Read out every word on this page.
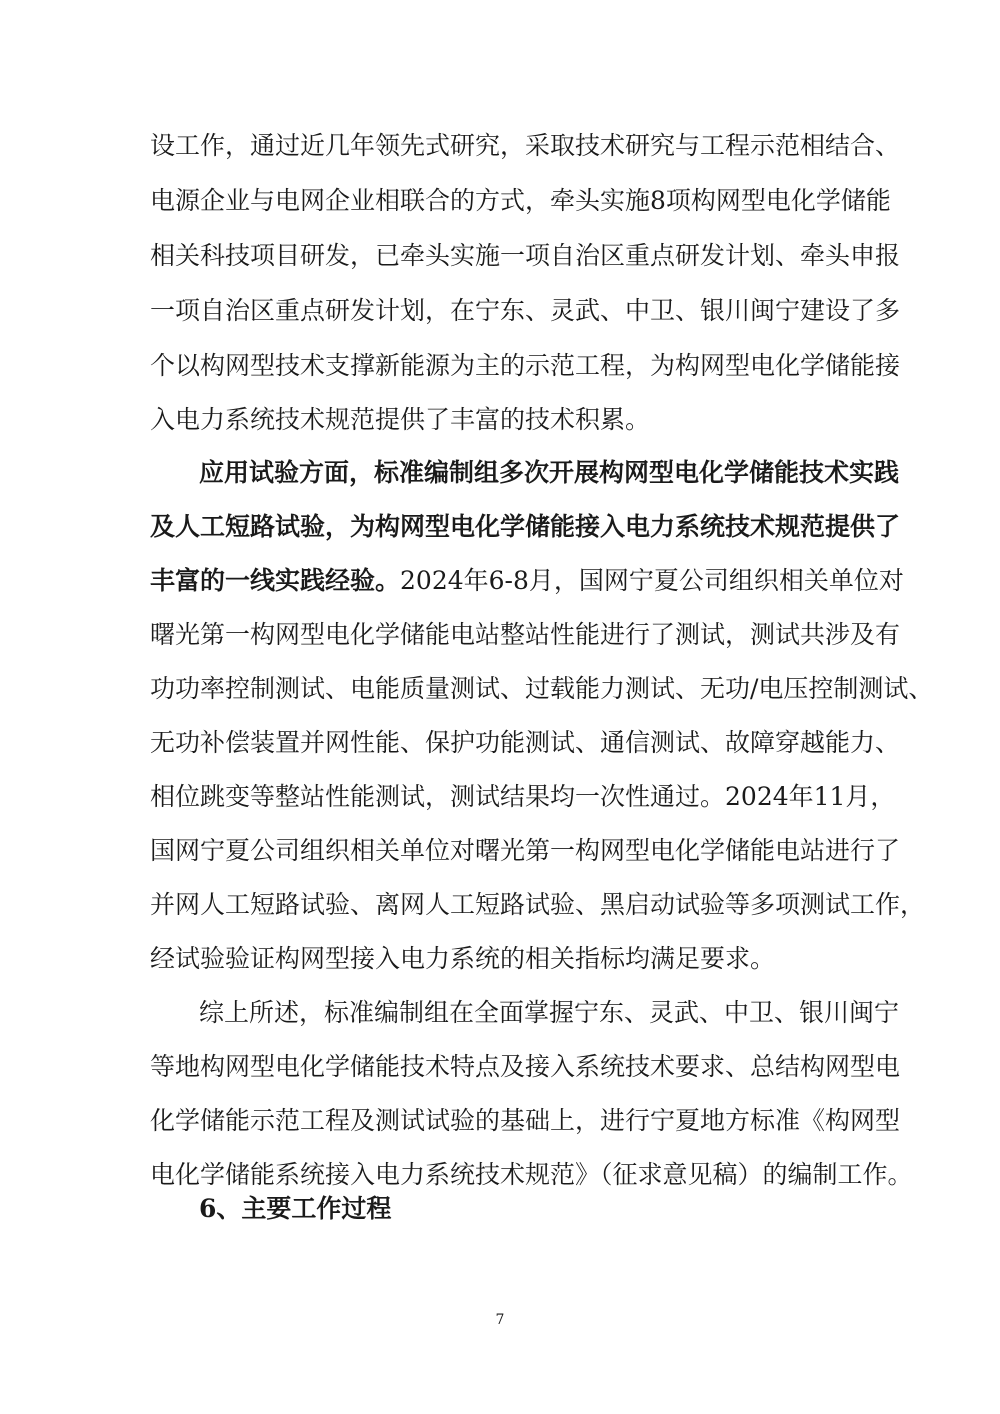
设工作，通过近几年领先式研究，采取技术研究与工程示范相结合、
电源企业与电网企业相联合的方式，牵头实施8项构网型电化学储能
相关科技项目研发，已牵头实施一项自治区重点研发计划、牵头申报
一项自治区重点研发计划，在宁东、灵武、中卫、银川闽宁建设了多
个以构网型技术支撑新能源为主的示范工程，为构网型电化学储能接
入电力系统技术规范提供了丰富的技术积累。
应用试验方面，标准编制组多次开展构网型电化学储能技术实践
及人工短路试验，为构网型电化学储能接入电力系统技术规范提供了
丰富的一线实践经验。2024年6-8月，国网宁夏公司组织相关单位对
曙光第一构网型电化学储能电站整站性能进行了测试，测试共涉及有
功功率控制测试、电能质量测试、过载能力测试、无功/电压控制测试、
无功补偿装置并网性能、保护功能测试、通信测试、故障穿越能力、
相位跳变等整站性能测试，测试结果均一次性通过。2024年11月，
国网宁夏公司组织相关单位对曙光第一构网型电化学储能电站进行了
并网人工短路试验、离网人工短路试验、黑启动试验等多项测试工作，
经试验验证构网型接入电力系统的相关指标均满足要求。
综上所述，标准编制组在全面掌握宁东、灵武、中卫、银川闽宁
等地构网型电化学储能技术特点及接入系统技术要求、总结构网型电
化学储能示范工程及测试试验的基础上，进行宁夏地方标准《构网型
电化学储能系统接入电力系统技术规范》（征求意见稿）的编制工作。
6、主要工作过程
7
